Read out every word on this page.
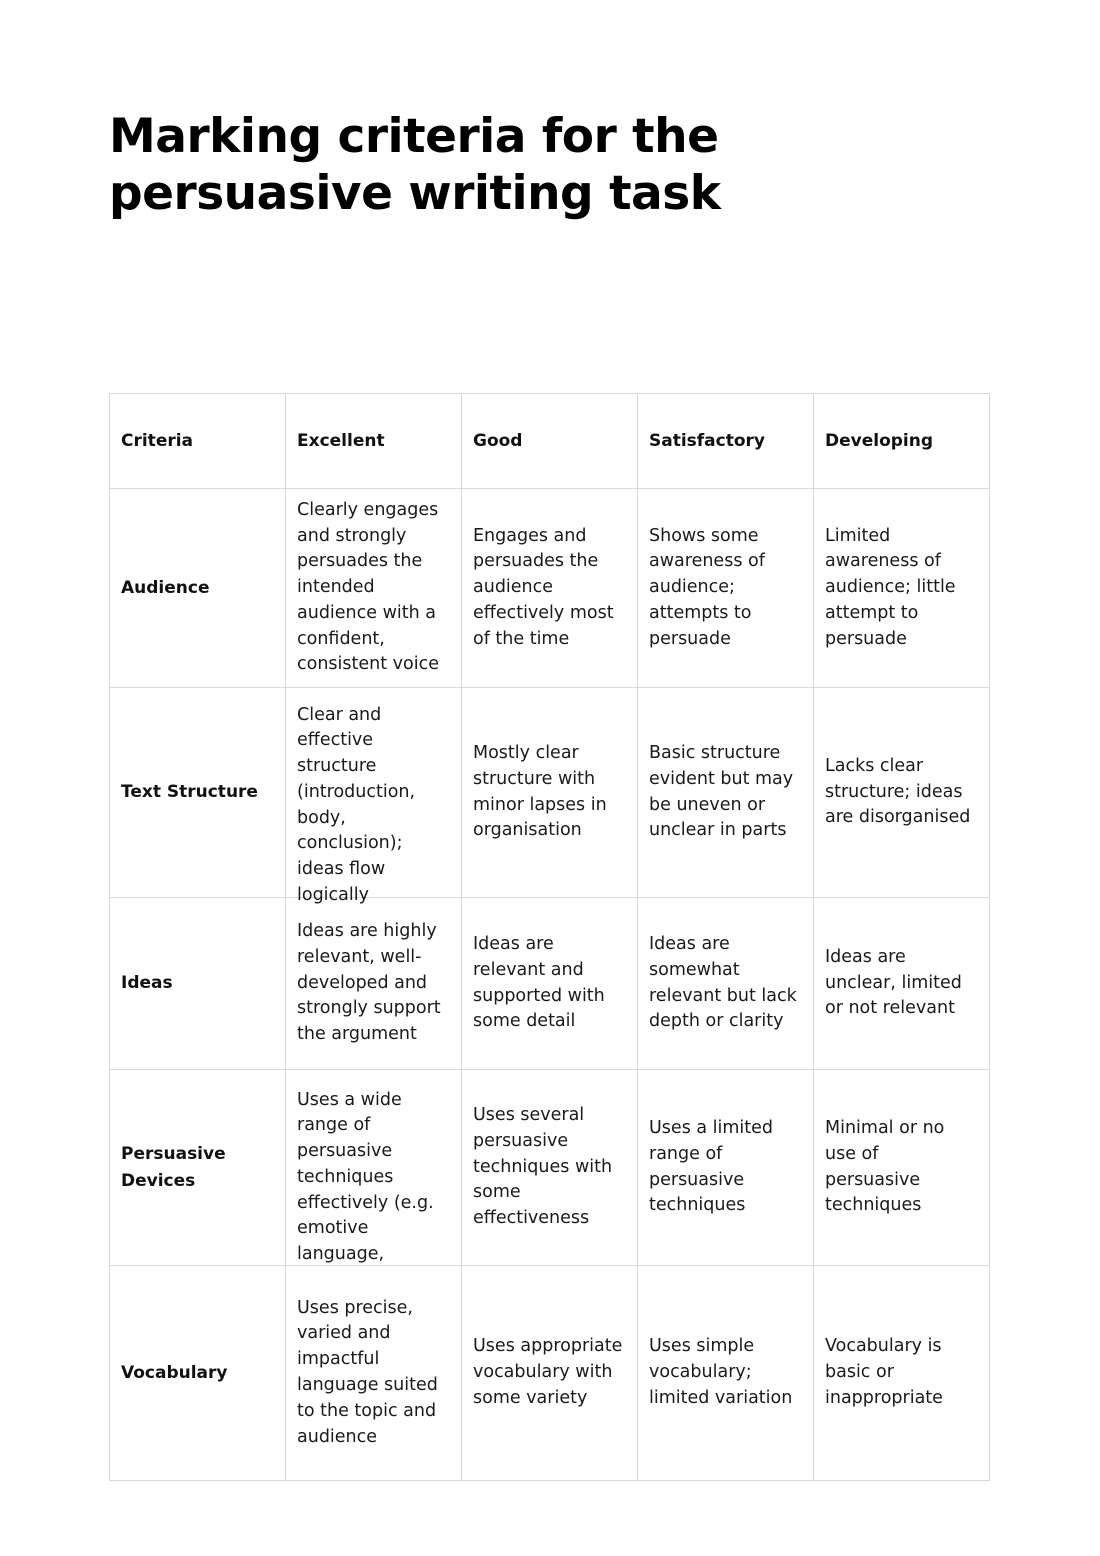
Marking criteria for the persuasive writing task
Criteria	Excellent	Good	Satisfactory	Developing

Audience	Clearly engages and strongly persuades the intended audience with a confident, consistent voice	Engages and persuades the audience effectively most of the time	Shows some awareness of audience; attempts to persuade	Limited awareness of audience; little attempt to persuade

Text Structure	Clear and effective structure (introduction, body, conclusion); ideas flow logically	Mostly clear structure with minor lapses in organisation	Basic structure evident but may be uneven or unclear in parts	Lacks clear structure; ideas are disorganised

Ideas	Ideas are highly relevant, well-developed and strongly support the argument	Ideas are relevant and supported with some detail	Ideas are somewhat relevant but lack depth or clarity	Ideas are unclear, limited or not relevant

Persuasive Devices	Uses a wide range of persuasive techniques effectively (e.g. emotive language,	Uses several persuasive techniques with some effectiveness	Uses a limited range of persuasive techniques	Minimal or no use of persuasive techniques

Vocabulary	Uses precise, varied and impactful language suited to the topic and audience	Uses appropriate vocabulary with some variety	Uses simple vocabulary; limited variation	Vocabulary is basic or inappropriate
